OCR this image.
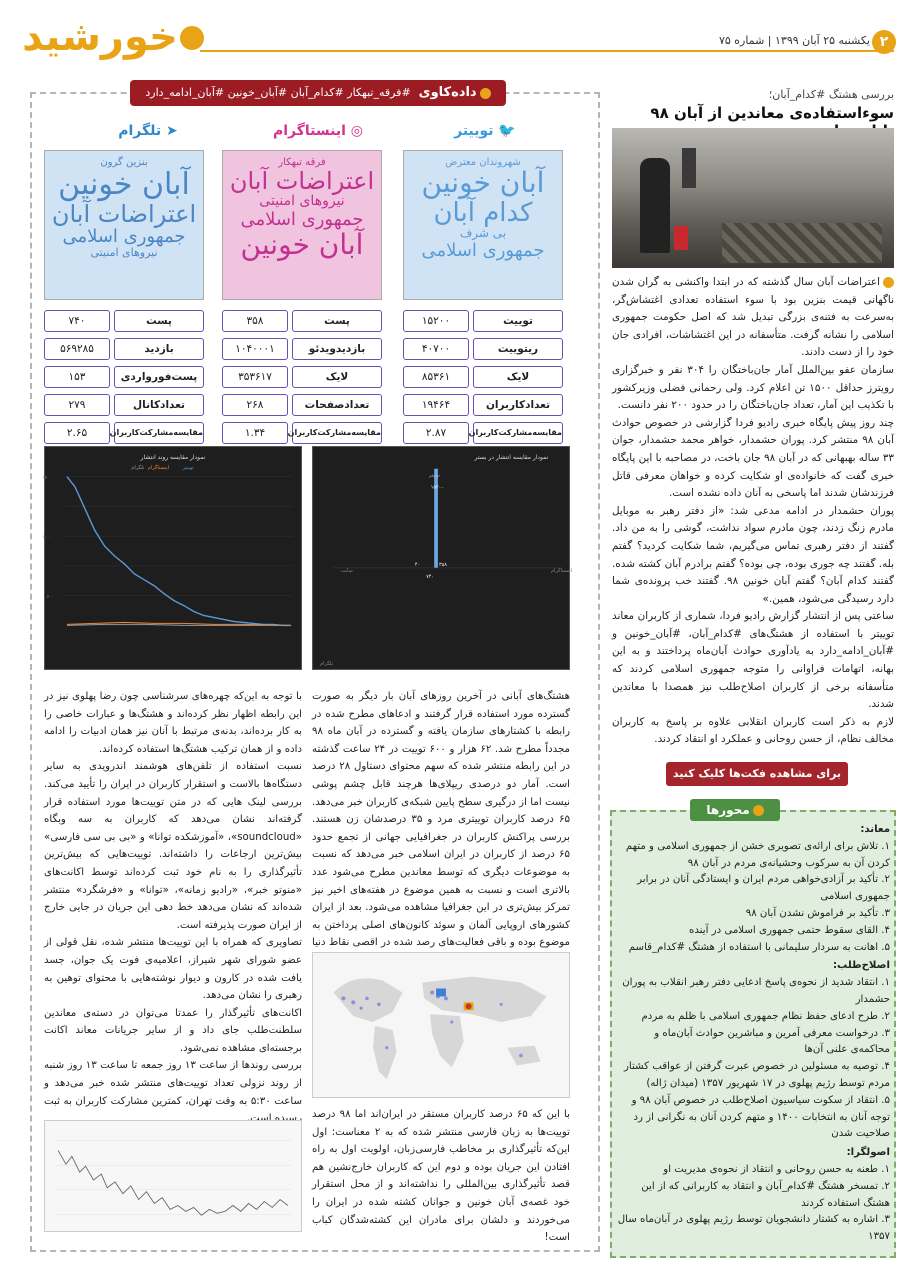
خورشید	یکشنبه ۲۵ آبان ۱۳۹۹ | شماره ۷۵ ۲
بررسی هشتگ #کدام_آبان؛
سوءاستفاده‌ی معاندین از آبان ۹۸

اعتراضات آبان سال گذشته که در ابتدا واکنشی به گران شدن ناگهانی قیمت بنزین بود با سوء استفاده تعدادی اغتشاش‌گر، به‌سرعت به فتنه‌ی بزرگی تبدیل شد که اصل حکومت جمهوری اسلامی را نشانه گرفت. متأسفانه در این اغتشاشات، افرادی جان خود را از دست دادند.

سازمان عفو بین‌الملل آمار جان‌باختگان را ۳۰۴ نفر و خبرگزاری رویترز حداقل ۱۵۰۰ تن اعلام کرد. ولی رحمانی فضلی وزیرکشور با تکذیب این آمار، تعداد جان‌باختگان را در حدود ۲۰۰ نفر دانست.

چند روز پیش پایگاه خبری رادیو فردا گزارشی در خصوص حوادث آبان ۹۸ منتشر کرد. پوران حشمدار، خواهر محمد حشمدار، جوان ۳۳ ساله بهبهانی که در آبان ۹۸ جان باخت، در مصاحبه با این پایگاه خبری گفت که خانواده‌ی او شکایت کرده و خواهان معرفی قاتل فرزندشان شدند اما پاسخی به آنان داده نشده است.

پوران حشمدار در ادامه مدعی شد: «از دفتر رهبر به موبایل مادرم زنگ زدند، چون مادرم سواد نداشت، گوشی را به من داد. گفتند از دفتر رهبری تماس می‌گیریم، شما شکایت کردید؟ گفتم بله. گفتند چه جوری بوده، چی بوده؟ گفتم برادرم آبان کشته شده. گفتند کدام آبان؟ گفتم آبان خونین ۹۸. گفتند خب پرونده‌ی شما دارد رسیدگی می‌شود، همین.»

ساعتی پس از انتشار گزارش رادیو فردا، شماری از کاربران معاند توییتر با استفاده از هشتگ‌های #کدام_آبان، #آبان_خونین و #آبان_ادامه_دارد به یادآوری حوادث آبان‌ماه پرداختند و به این بهانه، اتهامات فراوانی را متوجه جمهوری اسلامی کردند که متأسفانه برخی از کاربران اصلاح‌طلب نیز همصدا با معاندین شدند.

لازم به ذکر است کاربران انقلابی علاوه بر پاسخ به کاربران مخالف نظام، از حسن روحانی و عملکرد او انتقاد کردند.

برای مشاهده فکت‌ها کلیک کنید
محورها
معاند:
۱. تلاش برای ارائه‌ی تصویری خشن از جمهوری اسلامی و متهم کردن آن به سرکوب وحشیانه‌ی مردم در آبان ۹۸
۲. تأکید بر آزادی‌خواهی مردم ایران و ایستادگی آنان در برابر جمهوری اسلامی
۳. تأکید بر فراموش نشدن آبان ۹۸
۴. القای سقوط حتمی جمهوری اسلامی در آینده
۵. اهانت به سردار سلیمانی با استفاده از هشتگ #کدام_قاسم
اصلاح‌طلب:
۱. انتقاد شدید از نحوه‌ی پاسخ ادعایی دفتر رهبر انقلاب به پوران حشمدار
۲. طرح ادعای حفظ نظام جمهوری اسلامی با ظلم به مردم
۳. درخواست معرفی آمرین و مباشرین حوادث آبان‌ماه و محاکمه‌ی علنی آن‌ها
۴. توصیه به مسئولین در خصوص عبرت گرفتن از عواقب کشتار مردم توسط رژیم پهلوی در ۱۷ شهریور ۱۳۵۷ (میدان ژاله)
۵. انتقاد از سکوت سیاسیون اصلاح‌طلب در خصوص آبان ۹۸ و توجه آنان به انتخابات ۱۴۰۰ و متهم کردن آنان به نگرانی از رد صلاحیت شدن
اصولگرا:
۱. طعنه به حسن روحانی و انتقاد از نحوه‌ی مدیریت او
۲. تمسخر هشتگ #کدام_آبان و انتقاد به کاربرانی که از این هشتگ استفاده کردند
۳. اشاره به کشتار دانشجویان توسط رژیم پهلوی در آبان‌ماه سال ۱۳۵۷
داده‌کاوی#فرقه_تبهکار #کدام_آبان #آبان_خونین #آبان_ادامه_دارد
🐦 توییتر
◎ اینستاگرام
➤ تلگرام
شهروندان معترض
آبان خونین
کدام آبان
بی شرف
جمهوری اسلامی
فرقه تبهکار
اعتراضات آبان
نیروهای امنیتی
جمهوری اسلامی
آبان خونین
بنزین گرون
آبان خونین
اعتراضات آبان
جمهوری اسلامی
نیروهای امنیتی
توییت
۱۵۲۰۰
ریتوییت
۴۰۷۰۰
لایک
۸۵۳۶۱
تعداد‌کاربران
۱۹۴۶۴
مقایسه‌مشارکت‌کاربران
۲.۸۷
پست
۳۵۸
بازدیدویدئو
۱۰۴۰۰۰۱
لایک
۳۵۳۶۱۷
تعدادصفحات
۲۶۸
مقایسه‌مشارکت‌کاربران
۱.۳۴
پست
۷۴۰
بازدید
۵۶۹۲۸۵
پست‌فورواردی
۱۵۳
تعدادکانال
۲۷۹
مقایسه‌مشارکت‌کاربران
۲.۶۵
نمودار مقایسه روند انتشار
توییتر
اینستاگرام
تلگرام
۱۵۰۰
۱۰۰۰
۵۰۰
۰
نمودار مقایسه انتشار در بستر
توییتر
۱۵۲۰۰
اینستاگرام
۳۵۸
سایت
۴۰
تلگرام
۷۴۰
هشتگ‌های آبانی در آخرین روزهای آبان بار دیگر به صورت گسترده مورد استفاده قرار گرفتند و ادعاهای مطرح شده در رابطه با کشتارهای سازمان یافته و گسترده در آبان ماه ۹۸ مجدداً مطرح شد. ۶۲ هزار و ۶۰۰ توییت در ۲۴ ساعت گذشته در این رابطه منتشر شده که سهم محتوای دستاول ۲۸ درصد است. آمار دو درصدی ریپلای‌ها هرچند قابل چشم پوشی نیست اما از درگیری سطح پایین شبکه‌ی کاربران خبر می‌دهد. ۶۵ درصد کاربران توییتری مرد و ۳۵ درصدشان زن هستند. بررسی پراکنش کاربران در جغرافیایی جهانی از تجمع حدود ۶۵ درصد از کاربران در ایران اسلامی خبر می‌دهد که نسبت به موضوعات دیگری که توسط معاندین مطرح می‌شود عدد بالاتری است و نسبت به همین موضوع در هفته‌های اخیر نیز تمرکز بیش‌تری در این جغرافیا مشاهده می‌شود. بعد از ایران کشورهای اروپایی آلمان و سوئد کانون‌های اصلی پرداختن به موضوع بوده و باقی فعالیت‌های رصد شده در اقصی نقاط دنیا به ثبت رسیده است.

با توجه به این‌که چهره‌های سرشناسی چون رضا پهلوی نیز در این رابطه اظهار نظر کرده‌اند و هشتگ‌ها و عبارات خاصی را به کار برده‌اند، بدنه‌ی مرتبط با آنان نیز همان ادبیات را ادامه داده و از همان ترکیب هشتگ‌ها استفاده کرده‌اند.

نسبت استفاده از تلفن‌های هوشمند اندرویدی به سایر دستگاه‌ها بالاست و استقرار کاربران در ایران را تأیید می‌کند. بررسی لینک هایی که در متن توییت‌ها مورد استفاده قرار گرفته‌اند نشان می‌دهد که کاربران به سه وبگاه «soundcloud»، «آموزشکده توانا» و «بی بی سی فارسی» بیش‌ترین ارجاعات را داشته‌اند. توییت‌هایی که بیش‌ترین تأثیرگذاری را به نام خود ثبت کرده‌اند توسط اکانت‌های «منوتو خبر»، «رادیو زمانه»، «توانا» و «فرشگرد» منتشر شده‌اند که نشان می‌دهد خط دهی این جریان در جایی خارج از ایران صورت پذیرفته است.

تصاویری که همراه با این توییت‌ها منتشر شده، نقل قولی از عضو شورای شهر شیراز، اعلامیه‌ی فوت یک جوان، جسد یافت شده در کارون و دیوار نوشته‌هایی با محتوای توهین به رهبری را نشان می‌دهد.

اکانت‌های تأثیرگذار را عمدتا می‌توان در دسته‌ی معاندین سلطنت‌طلب جای داد و از سایر جریانات معاند اکانت برجسته‌ای مشاهده نمی‌شود.

بررسی روندها از ساعت ۱۳ روز جمعه تا ساعت ۱۳ روز شنبه از روند نزولی تعداد توییت‌های منتشر شده خبر می‌دهد و ساعت ۵:۳۰ به وقت تهران، کمترین مشارکت کاربران به ثبت رسیده است. با این که ۶۵ درصد کاربران مستقر در ایران‌اند اما ۹۸ درصد توییت‌ها به زبان فارسی منتشر شده که به ۲ معناست: اول این‌که تأثیرگذاری بر مخاطب فارسی‌زبان، اولویت اول به راه افتادن این جریان بوده و دوم این که کاربران خارج‌نشین هم قصد تأثیرگذاری بین‌المللی را نداشته‌اند و از محل استقرار خود غصه‌ی آبان خونین و جوانان کشته شده در ایران را می‌خوردند و دلشان برای مادران این کشته‌شدگان کباب است!
